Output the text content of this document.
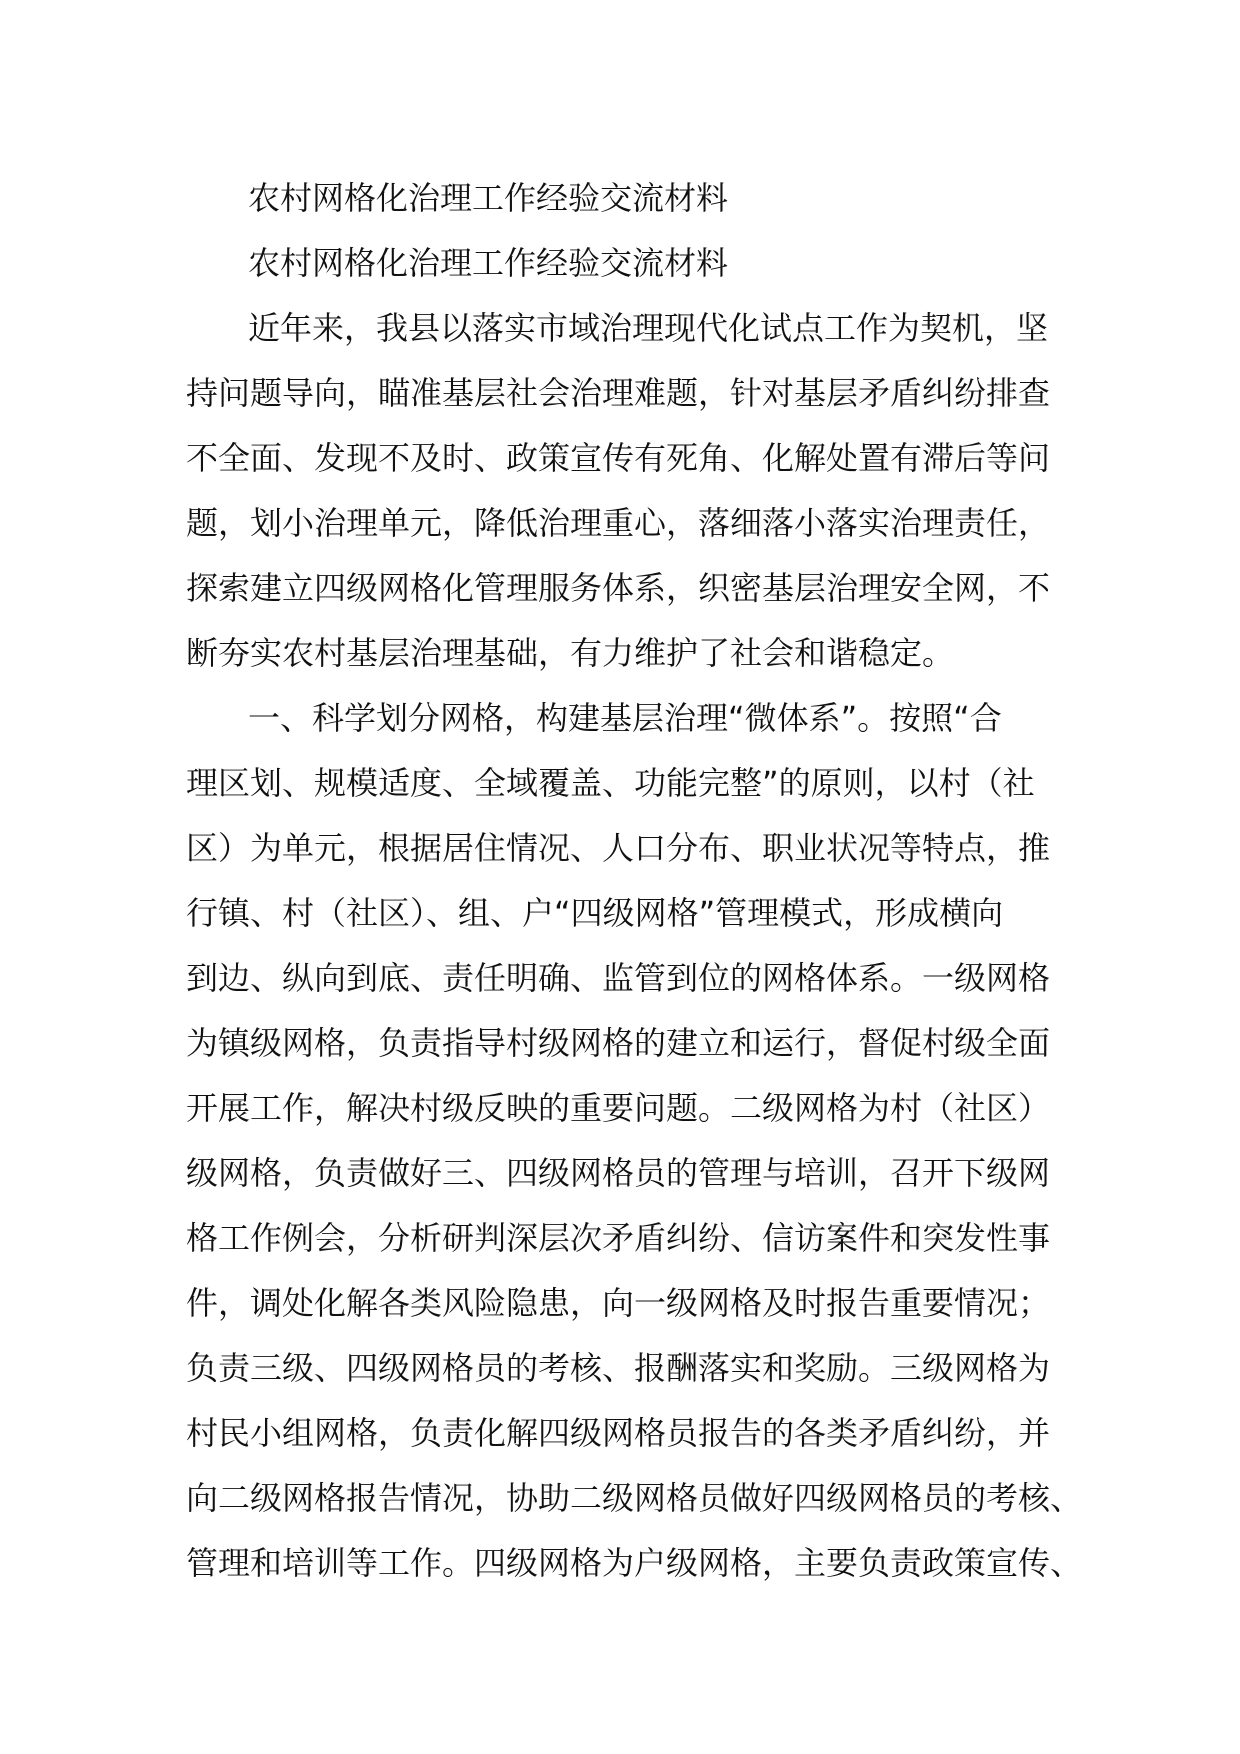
农村网格化治理工作经验交流材料

农村网格化治理工作经验交流材料

近年来，我县以落实市域治理现代化试点工作为契机，坚

持问题导向，瞄准基层社会治理难题，针对基层矛盾纠纷排查

不全面、发现不及时、政策宣传有死角、化解处置有滞后等问

题，划小治理单元，降低治理重心，落细落小落实治理责任，

探索建立四级网格化管理服务体系，织密基层治理安全网，不

断夯实农村基层治理基础，有力维护了社会和谐稳定。

一、科学划分网格，构建基层治理“微体系”。按照“合

理区划、规模适度、全域覆盖、功能完整”的原则，以村（社

区）为单元，根据居住情况、人口分布、职业状况等特点，推

行镇、村（社区）、组、户“四级网格”管理模式，形成横向

到边、纵向到底、责任明确、监管到位的网格体系。一级网格

为镇级网格，负责指导村级网格的建立和运行，督促村级全面

开展工作，解决村级反映的重要问题。二级网格为村（社区）

级网格，负责做好三、四级网格员的管理与培训，召开下级网

格工作例会，分析研判深层次矛盾纠纷、信访案件和突发性事

件，调处化解各类风险隐患，向一级网格及时报告重要情况；

负责三级、四级网格员的考核、报酬落实和奖励。三级网格为

村民小组网格，负责化解四级网格员报告的各类矛盾纠纷，并

向二级网格报告情况，协助二级网格员做好四级网格员的考核、

管理和培训等工作。四级网格为户级网格，主要负责政策宣传、
